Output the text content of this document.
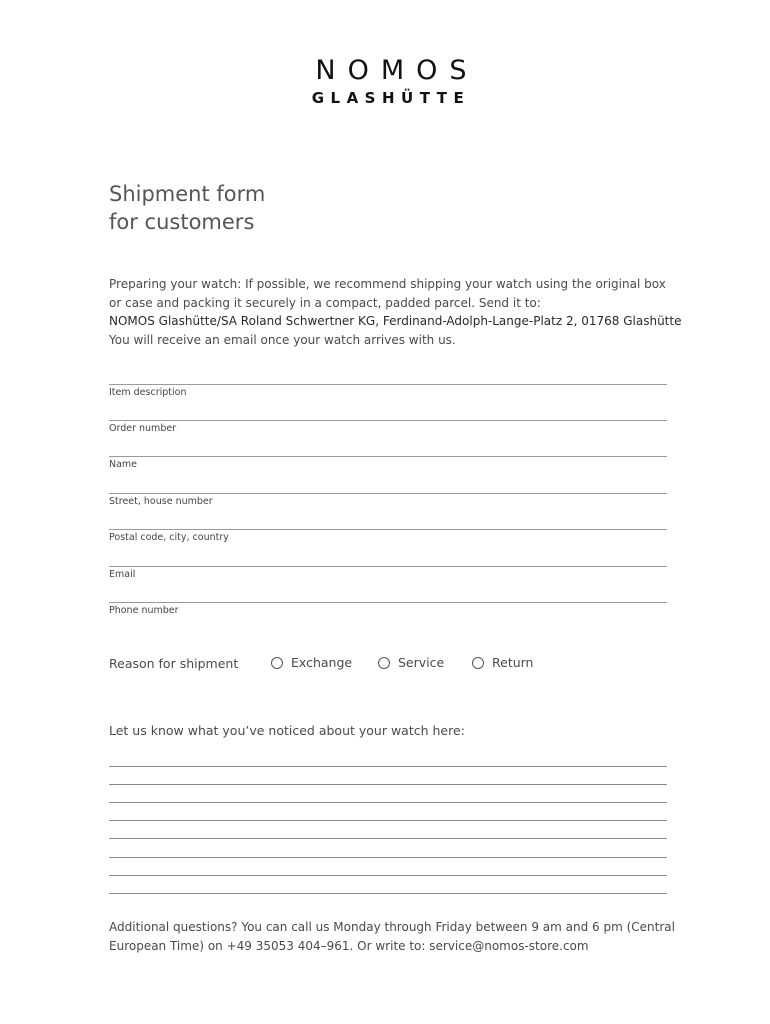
NOMOS
GLASHÜTTE
Shipment form
for customers
Preparing your watch: If possible, we recommend shipping your watch using the original box
or case and packing it securely in a compact, padded parcel. Send it to:
NOMOS Glashütte/SA Roland Schwertner KG, Ferdinand-Adolph-Lange-Platz 2, 01768 Glashütte
You will receive an email once your watch arrives with us.
Item description
Order number
Name
Street, house number
Postal code, city, country
Email
Phone number
Reason for shipment	Exchange	Service	Return
Let us know what you’ve noticed about your watch here:
Additional questions? You can call us Monday through Friday between 9 am and 6 pm (Central
European Time) on +49 35053 404–961. Or write to: service@nomos-store.com
